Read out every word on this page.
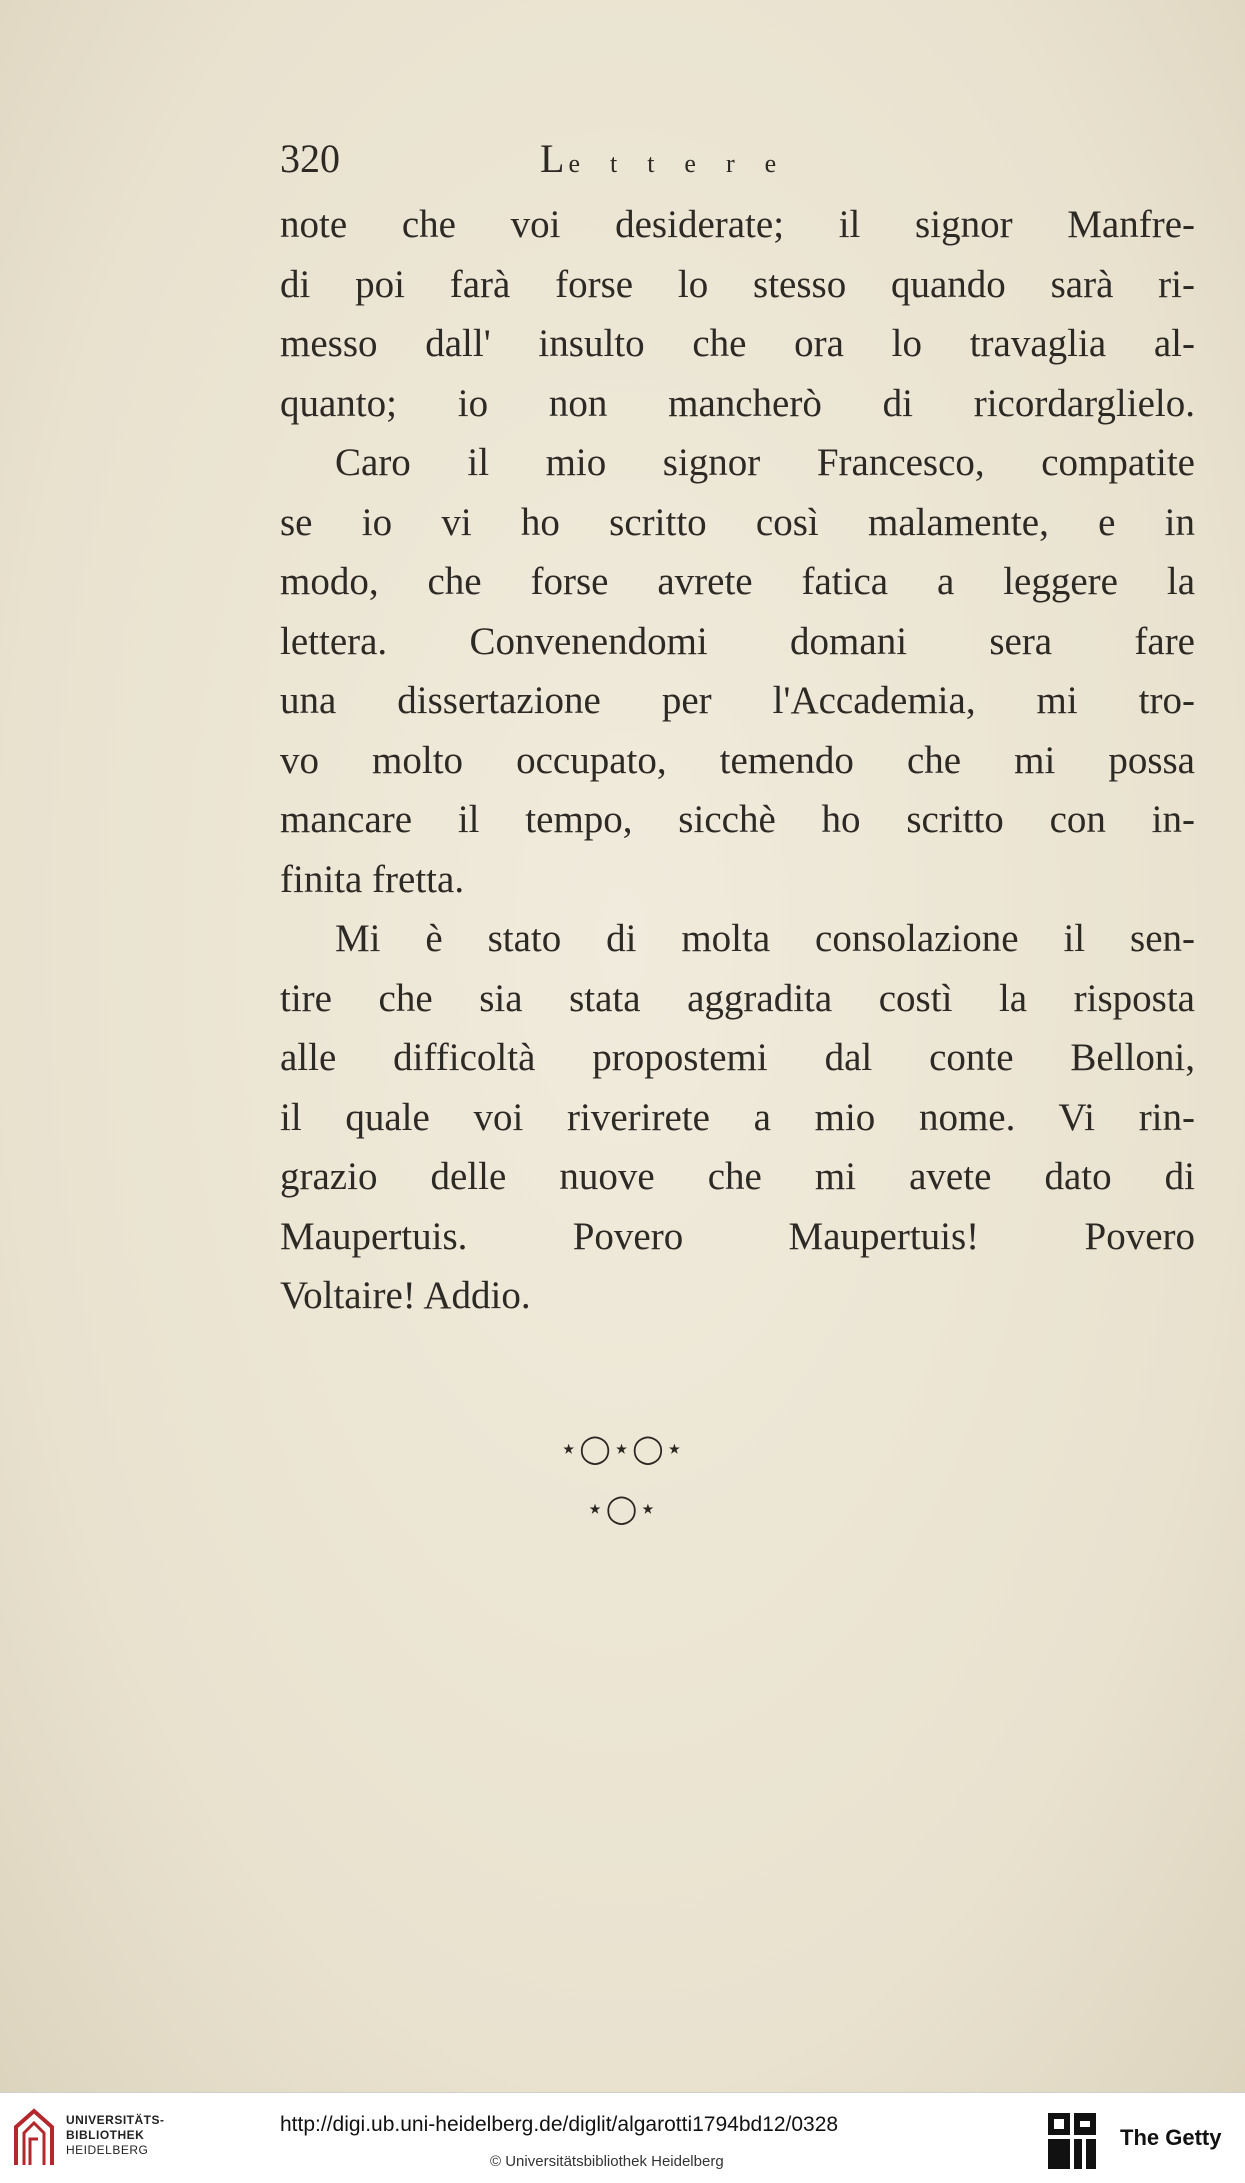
320	Lettere
note che voi desiderate; il signor Manfre-
di poi farà forse lo stesso quando sarà ri-
messo dall' insulto che ora lo travaglia al-
quanto; io non mancherò di ricordarglielo.
Caro il mio signor Francesco, compatite
se io vi ho scritto così malamente, e in
modo, che forse avrete fatica a leggere la
lettera. Convenendomi domani sera fare
una dissertazione per l'Accademia, mi tro-
vo molto occupato, temendo che mi possa
mancare il tempo, sicchè ho scritto con in-
finita fretta.
Mi è stato di molta consolazione il sen-
tire che sia stata aggradita costì la risposta
alle difficoltà propostemi dal conte Belloni,
il quale voi riverirete a mio nome. Vi rin-
grazio delle nuove che mi avete dato di
Maupertuis. Povero Maupertuis! Povero
Voltaire! Addio.
⋆◯⋆◯⋆
⋆◯⋆
UNIVERSITÄTS-
BIBLIOTHEK
HEIDELBERG
http://digi.ub.uni-heidelberg.de/diglit/algarotti1794bd12/0328
© Universitätsbibliothek Heidelberg
The Getty
